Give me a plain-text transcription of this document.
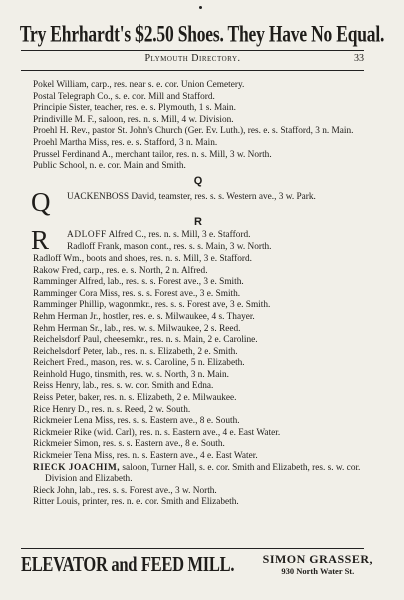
Try Ehrhardt's $2.50 Shoes. They Have No Equal.
Plymouth Directory.	33
Pokel William, carp., res. near s. e. cor. Union Cemetery.
Postal Telegraph Co., s. e. cor. Mill and Stafford.
Principie Sister, teacher, res. e. s. Plymouth, 1 s. Main.
Prindiville M. F., saloon, res. n. s. Mill, 4 w. Division.
Proehl H. Rev., pastor St. John's Church (Ger. Ev. Luth.), res. e. s. Stafford, 3 n. Main.
Proehl Martha Miss, res. e. s. Stafford, 3 n. Main.
Prussel Ferdinand A., merchant tailor, res. n. s. Mill, 3 w. North.
Public School, n. e. cor. Main and Smith.
Q
Q UACKENBOSS David, teamster, res. s. s. Western ave., 3 w. Park.
R
R ADLOFF Alfred C., res. n. s. Mill, 3 e. Stafford.
Radloff Frank, mason cont., res. s. s. Main, 3 w. North.
Radloff Wm., boots and shoes, res. n. s. Mill, 3 e. Stafford.
Rakow Fred, carp., res. e. s. North, 2 n. Alfred.
Ramminger Alfred, lab., res. s. s. Forest ave., 3 e. Smith.
Ramminger Cora Miss, res. s. s. Forest ave., 3 e. Smith.
Ramminger Phillip, wagonmkr., res. s. s. Forest ave, 3 e. Smith.
Rehm Herman Jr., hostler, res. e. s. Milwaukee, 4 s. Thayer.
Rehm Herman Sr., lab., res. w. s. Milwaukee, 2 s. Reed.
Reichelsdorf Paul, cheesemkr., res. n. s. Main, 2 e. Caroline.
Reichelsdorf Peter, lab., res. n. s. Elizabeth, 2 e. Smith.
Reichert Fred., mason, res. w. s. Caroline, 5 n. Elizabeth.
Reinhold Hugo, tinsmith, res. w. s. North, 3 n. Main.
Reiss Henry, lab., res. s. w. cor. Smith and Edna.
Reiss Peter, baker, res. n. s. Elizabeth, 2 e. Milwaukee.
Rice Henry D., res. n. s. Reed, 2 w. South.
Rickmeier Lena Miss, res. s. s. Eastern ave., 8 e. South.
Rickmeier Rike (wid. Carl), res. n. s. Eastern ave., 4 e. East Water.
Rickmeier Simon, res. s. s. Eastern ave., 8 e. South.
Rickmeier Tena Miss, res. n. s. Eastern ave., 4 e. East Water.
RIECK JOACHIM, saloon, Turner Hall, s. e. cor. Smith and Elizabeth, res. s. w. cor. Division and Elizabeth.
Rieck John, lab., res. s. s. Forest ave., 3 w. North.
Ritter Louis, printer, res. n. e. cor. Smith and Elizabeth.
ELEVATOR and FEED MILL. SIMON GRASSER,
930 North Water St.
